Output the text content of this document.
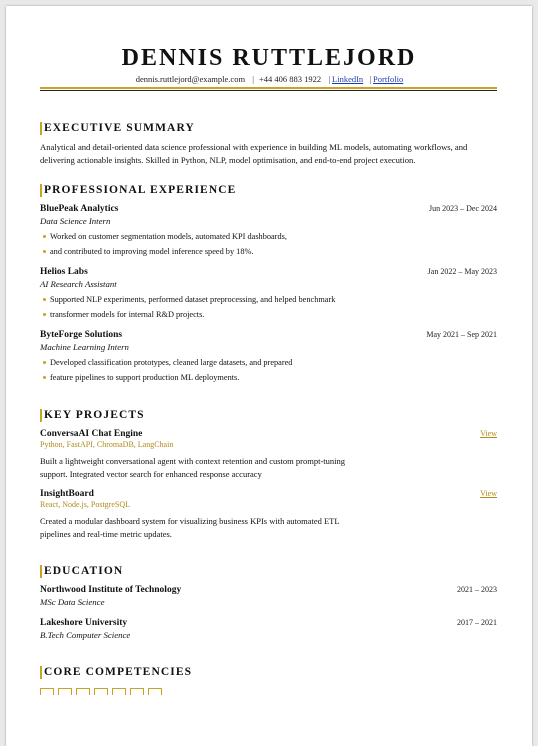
DENNIS RUTTLEJORD
dennis.ruttlejord@example.com | +44 406 883 1922 | LinkedIn | Portfolio
EXECUTIVE SUMMARY
Analytical and detail-oriented data science professional with experience in building ML models, automating workflows, and delivering actionable insights. Skilled in Python, NLP, model optimisation, and end-to-end project execution.
PROFESSIONAL EXPERIENCE
BluePeak Analytics	Jun 2023 – Dec 2024
Data Science Intern
Worked on customer segmentation models, automated KPI dashboards,
and contributed to improving model inference speed by 18%.
Helios Labs	Jan 2022 – May 2023
AI Research Assistant
Supported NLP experiments, performed dataset preprocessing, and helped benchmark
transformer models for internal R&D projects.
ByteForge Solutions	May 2021 – Sep 2021
Machine Learning Intern
Developed classification prototypes, cleaned large datasets, and prepared
feature pipelines to support production ML deployments.
KEY PROJECTS
ConversaAI Chat Engine	View
Python, FastAPI, ChromaDB, LangChain
Built a lightweight conversational agent with context retention and custom prompt-tuning support. Integrated vector search for enhanced response accuracy
InsightBoard	View
React, Node.js, PostgreSQL
Created a modular dashboard system for visualizing business KPIs with automated ETL pipelines and real-time metric updates.
EDUCATION
Northwood Institute of Technology	2021 – 2023
MSc Data Science
Lakeshore University	2017 – 2021
B.Tech Computer Science
CORE COMPETENCIES
